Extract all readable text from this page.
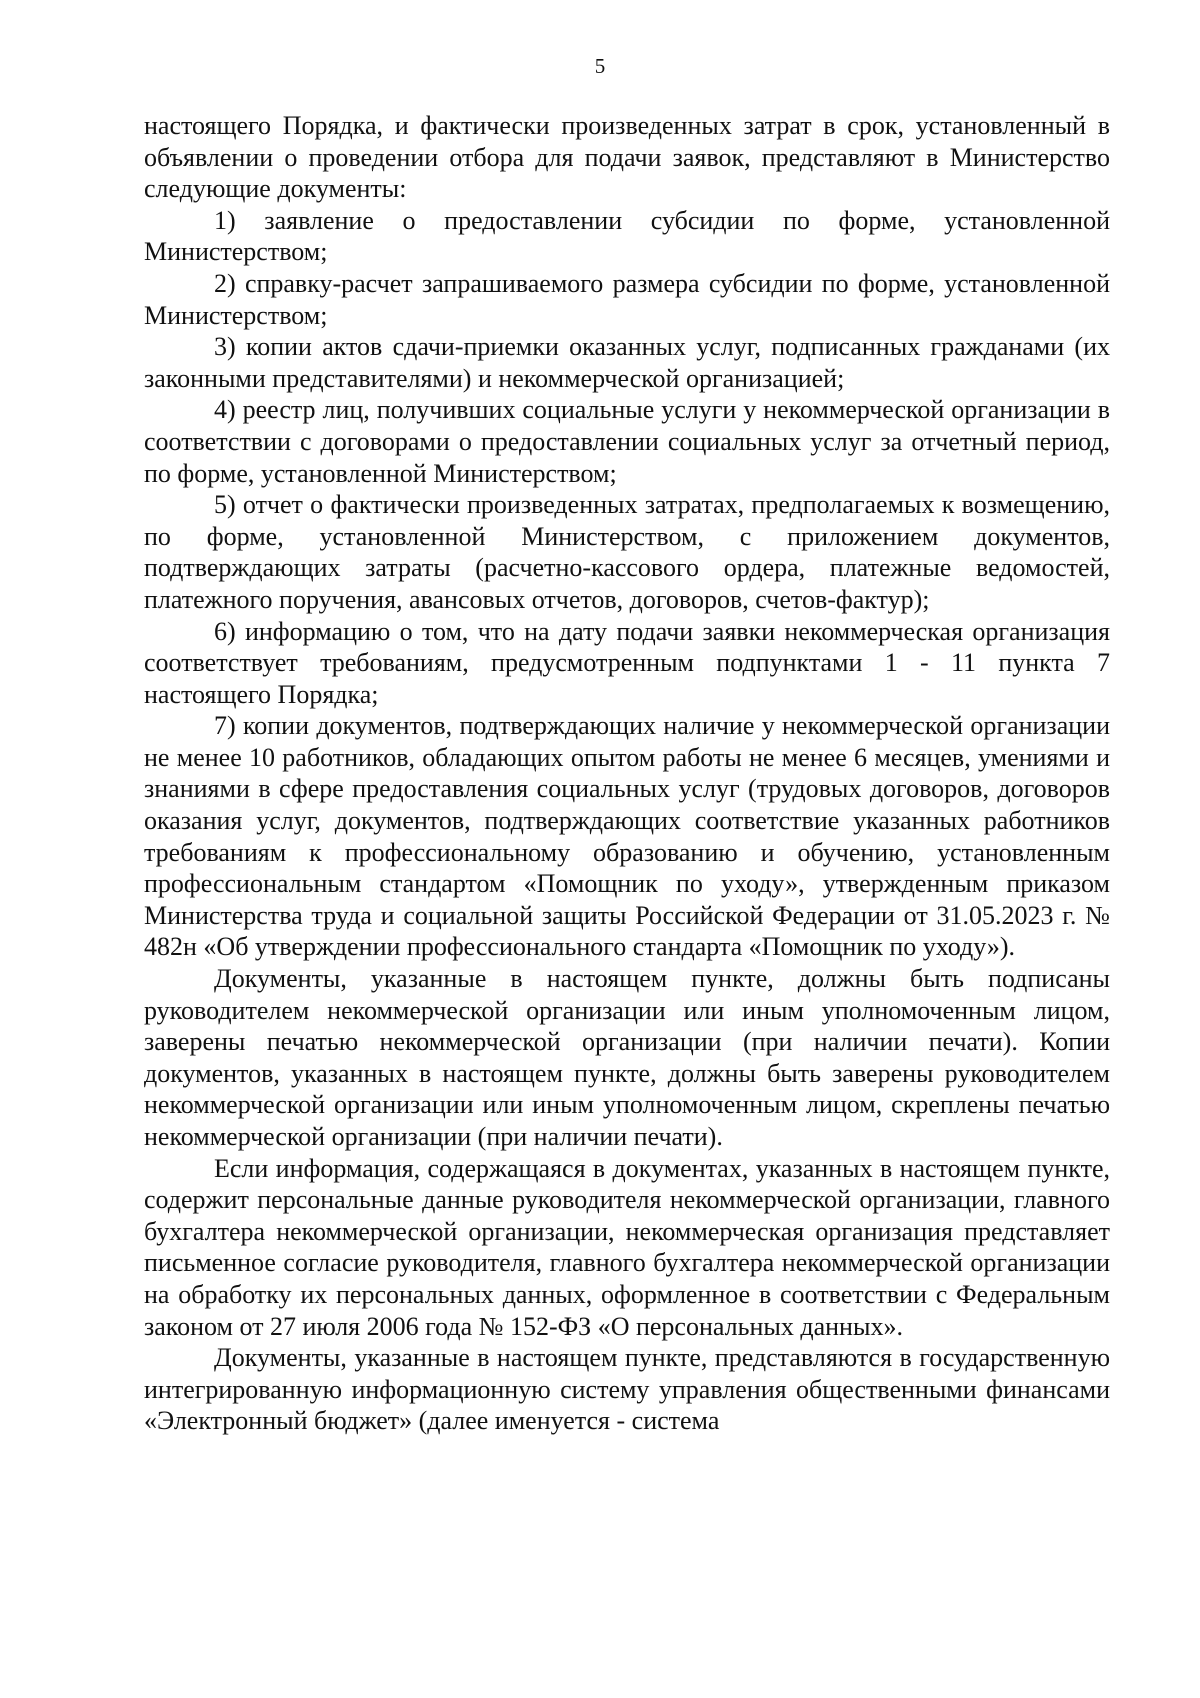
5

настоящего Порядка, и фактически произведенных затрат в срок, установленный в объявлении о проведении отбора для подачи заявок, представляют в Министерство следующие документы:

1) заявление о предоставлении субсидии по форме, установленной Министерством;

2) справку-расчет запрашиваемого размера субсидии по форме, установленной Министерством;

3) копии актов сдачи-приемки оказанных услуг, подписанных гражданами (их законными представителями) и некоммерческой организацией;

4) реестр лиц, получивших социальные услуги у некоммерческой организации в соответствии с договорами о предоставлении социальных услуг за отчетный период, по форме, установленной Министерством;

5) отчет о фактически произведенных затратах, предполагаемых к возмещению, по форме, установленной Министерством, с приложением документов, подтверждающих затраты (расчетно-кассового ордера, платежные ведомостей, платежного поручения, авансовых отчетов, договоров, счетов-фактур);

6) информацию о том, что на дату подачи заявки некоммерческая организация соответствует требованиям, предусмотренным подпунктами 1 - 11 пункта 7 настоящего Порядка;

7) копии документов, подтверждающих наличие у некоммерческой организации не менее 10 работников, обладающих опытом работы не менее 6 месяцев, умениями и знаниями в сфере предоставления социальных услуг (трудовых договоров, договоров оказания услуг, документов, подтверждающих соответствие указанных работников требованиям к профессиональному образованию и обучению, установленным профессиональным стандартом «Помощник по уходу», утвержденным приказом Министерства труда и социальной защиты Российской Федерации от 31.05.2023 г. № 482н «Об утверждении профессионального стандарта «Помощник по уходу»).

Документы, указанные в настоящем пункте, должны быть подписаны руководителем некоммерческой организации или иным уполномоченным лицом, заверены печатью некоммерческой организации (при наличии печати). Копии документов, указанных в настоящем пункте, должны быть заверены руководителем некоммерческой организации или иным уполномоченным лицом, скреплены печатью некоммерческой организации (при наличии печати).

Если информация, содержащаяся в документах, указанных в настоящем пункте, содержит персональные данные руководителя некоммерческой организации, главного бухгалтера некоммерческой организации, некоммерческая организация представляет письменное согласие руководителя, главного бухгалтера некоммерческой организации на обработку их персональных данных, оформленное в соответствии с Федеральным законом от 27 июля 2006 года № 152-ФЗ «О персональных данных».

Документы, указанные в настоящем пункте, представляются в государственную интегрированную информационную систему управления общественными финансами «Электронный бюджет» (далее именуется - система
